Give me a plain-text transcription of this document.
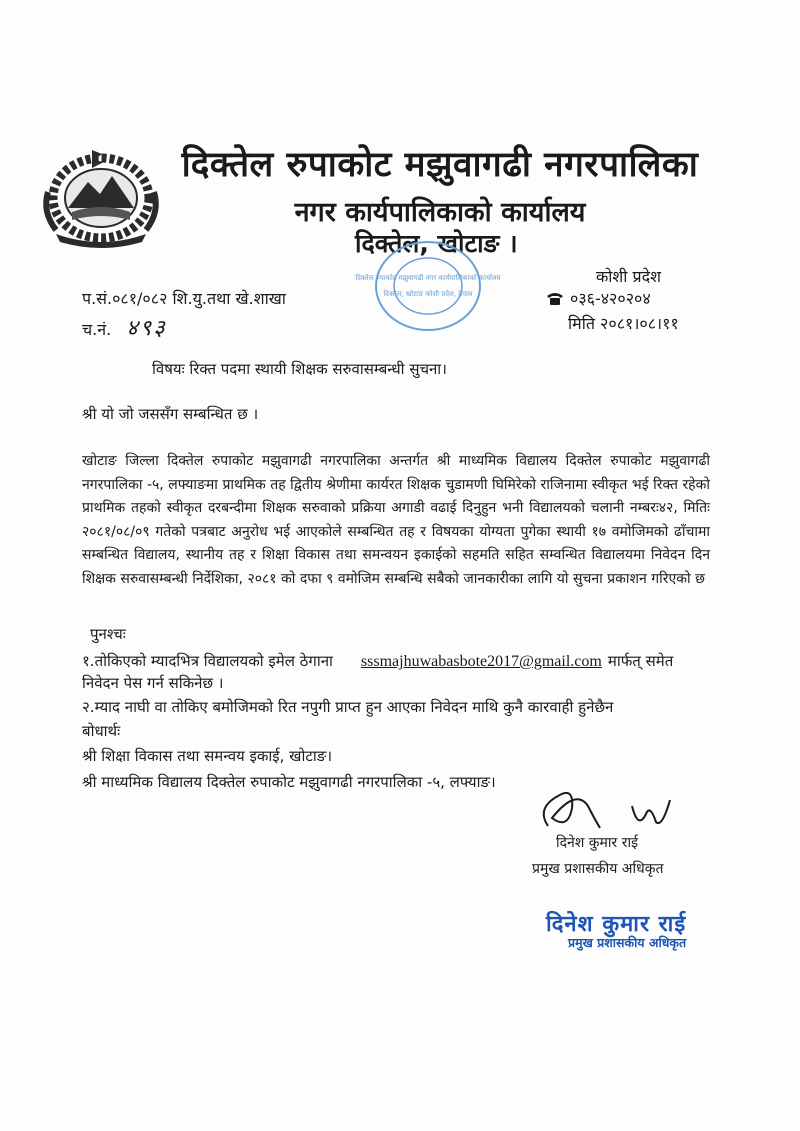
दिक्तेल रुपाकोट मझुवागढी नगरपालिका
नगर कार्यपालिकाको कार्यालय
दिक्तेल, खोटाङ ।
दिक्तेल रुपाकोट मझुवागढी नगर कार्यपालिकाको कार्यालय
दिक्तेल, खोटाङ कोशी प्रदेश, नेपाल
प.सं.०८१/०८२ शि.यु.तथा खे.शाखा
च.नं. ४९३
कोशी प्रदेश
०३६-४२०२०४
मिति २०८१।०८।११
विषयः रिक्त पदमा स्थायी शिक्षक सरुवासम्बन्धी सुचना।
श्री यो जो जससँग सम्बन्धित छ ।
खोटाङ जिल्ला दिक्तेल रुपाकोट मझुवागढी नगरपालिका अन्तर्गत श्री माध्यमिक विद्यालय दिक्तेल रुपाकोट मझुवागढी नगरपालिका -५, लफ्याङमा प्राथमिक तह द्वितीय श्रेणीमा कार्यरत शिक्षक चुडामणी घिमिरेको राजिनामा स्वीकृत भई रिक्त रहेको प्राथमिक तहको स्वीकृत दरबन्दीमा शिक्षक सरुवाको प्रक्रिया अगाडी वढाई दिनुहुन भनी विद्यालयको चलानी नम्बरः४२, मितिः २०८१/०८/०९ गतेको पत्रबाट अनुरोध भई आएकोले सम्बन्धित तह र विषयका योग्यता पुगेका स्थायी १७ वमोजिमको ढाँचामा सम्बन्धित विद्यालय, स्थानीय तह र शिक्षा विकास तथा समन्वयन इकाईको सहमति सहित सम्वन्धित विद्यालयमा निवेदन दिन शिक्षक सरुवासम्बन्धी निर्देशिका, २०८१ को दफा ९ वमोजिम सम्बन्धि सबैको जानकारीका लागि यो सुचना प्रकाशन गरिएको छ
पुनश्चः
१.तोकिएको म्यादभित्र विद्यालयको इमेल ठेगाना sssmajhuwabasbote2017@gmail.com मार्फत् समेत
निवेदन पेस गर्न सकिनेछ ।
२.म्याद नाघी वा तोकिए बमोजिमको रित नपुगी प्राप्त हुन आएका निवेदन माथि कुनै कारवाही हुनेछैन
बोधार्थः
श्री शिक्षा विकास तथा समन्वय इकाई, खोटाङ।
श्री माध्यमिक विद्यालय दिक्तेल रुपाकोट मझुवागढी नगरपालिका -५, लफ्याङ।
दिनेश कुमार राई
प्रमुख प्रशासकीय अधिकृत
दिनेश कुमार राई
प्रमुख प्रशासकीय अधिकृत
